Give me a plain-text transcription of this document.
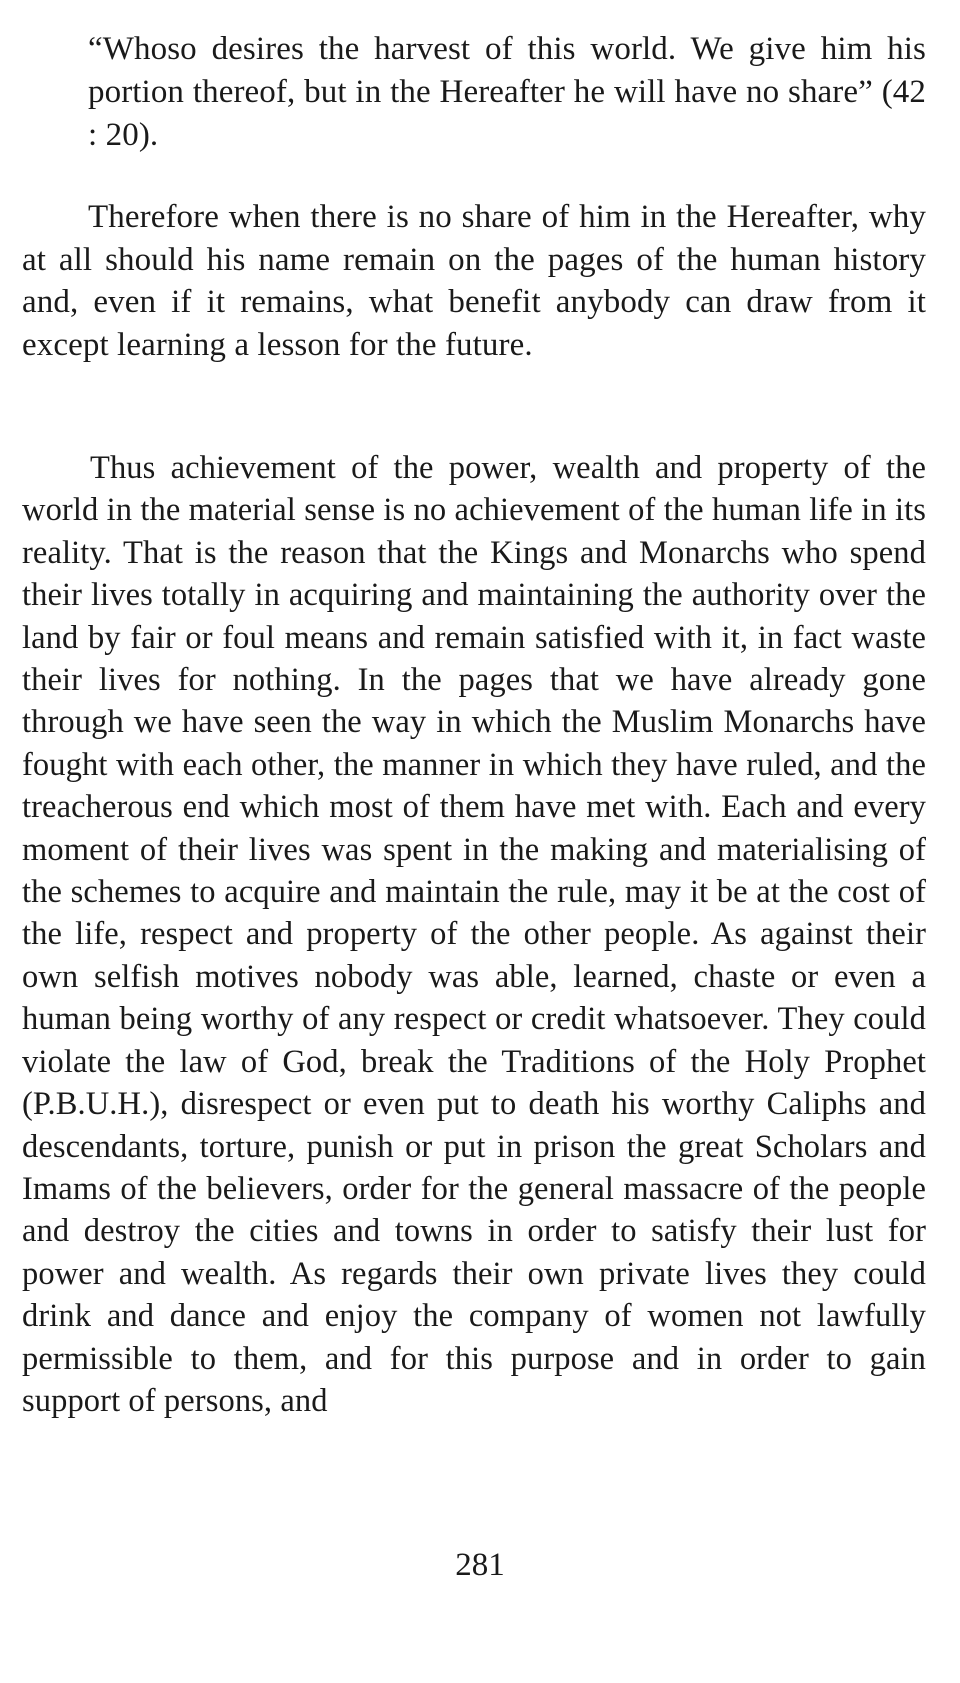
“Whoso desires the harvest of this world. We give him his portion thereof, but in the Hereafter he will have no share” (42 : 20).

Therefore when there is no share of him in the Hereafter, why at all should his name remain on the pages of the human history and, even if it remains, what benefit anybody can draw from it except learning a lesson for the future.

Thus achievement of the power, wealth and property of the world in the material sense is no achievement of the human life in its reality. That is the reason that the Kings and Monarchs who spend their lives totally in acquiring and maintaining the authority over the land by fair or foul means and remain satisfied with it, in fact waste their lives for nothing. In the pages that we have already gone through we have seen the way in which the Muslim Monarchs have fought with each other, the manner in which they have ruled, and the treacherous end which most of them have met with. Each and every moment of their lives was spent in the making and materialising of the schemes to acquire and maintain the rule, may it be at the cost of the life, respect and property of the other people. As against their own selfish motives nobody was able, learned, chaste or even a human being worthy of any respect or credit whatsoever. They could violate the law of God, break the Traditions of the Holy Prophet (P.B.U.H.), disrespect or even put to death his worthy Caliphs and descendants, torture, punish or put in prison the great Scholars and Imams of the believers, order for the general massacre of the people and destroy the cities and towns in order to satisfy their lust for power and wealth. As regards their own private lives they could drink and dance and enjoy the company of women not lawfully permissible to them, and for this purpose and in order to gain support of persons, and

281
